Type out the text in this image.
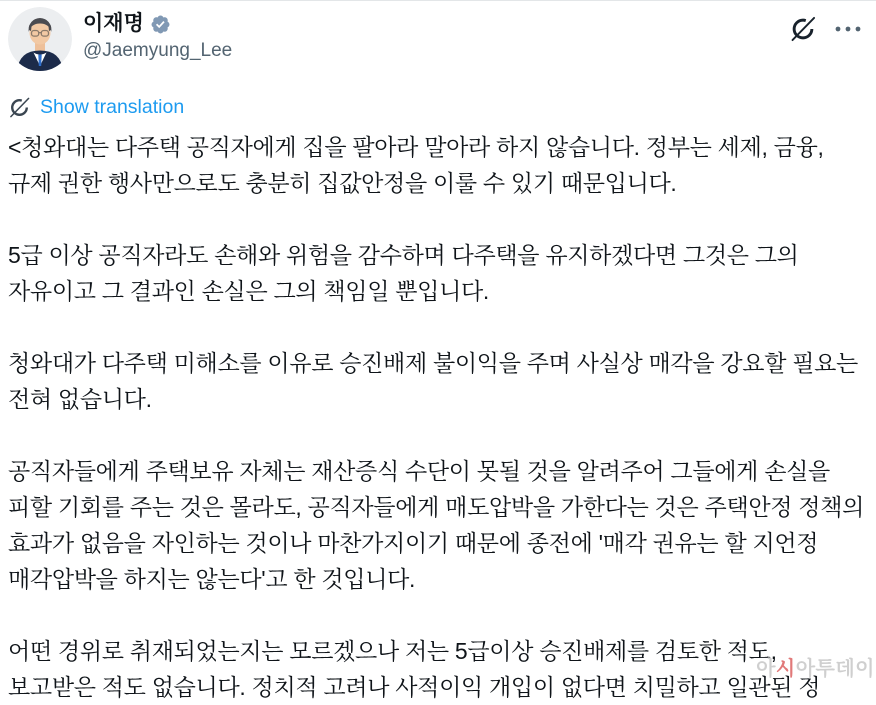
이재명
@Jaemyung_Lee
Show translation

<청와대는 다주택 공직자에게 집을 팔아라 말아라 하지 않습니다. 정부는 세제, 금융, 규제 권한 행사만으로도 충분히 집값안정을 이룰 수 있기 때문입니다.

5급 이상 공직자라도 손해와 위험을 감수하며 다주택을 유지하겠다면 그것은 그의 자유이고 그 결과인 손실은 그의 책임일 뿐입니다.

청와대가 다주택 미해소를 이유로 승진배제 불이익을 주며 사실상 매각을 강요할 필요는 전혀 없습니다.

공직자들에게 주택보유 자체는 재산증식 수단이 못될 것을 알려주어 그들에게 손실을 피할 기회를 주는 것은 몰라도, 공직자들에게 매도압박을 가한다는 것은 주택안정 정책의 효과가 없음을 자인하는 것이나 마찬가지이기 때문에 종전에 '매각 권유는 할 지언정 매각압박을 하지는 않는다'고 한 것입니다.

어떤 경위로 취재되었는지는 모르겠으나 저는 5급이상 승진배제를 검토한 적도, 보고받은 적도 없습니다. 정치적 고려나 사적이익 개입이 없다면 치밀하고 일관된 정

아시아투데이
